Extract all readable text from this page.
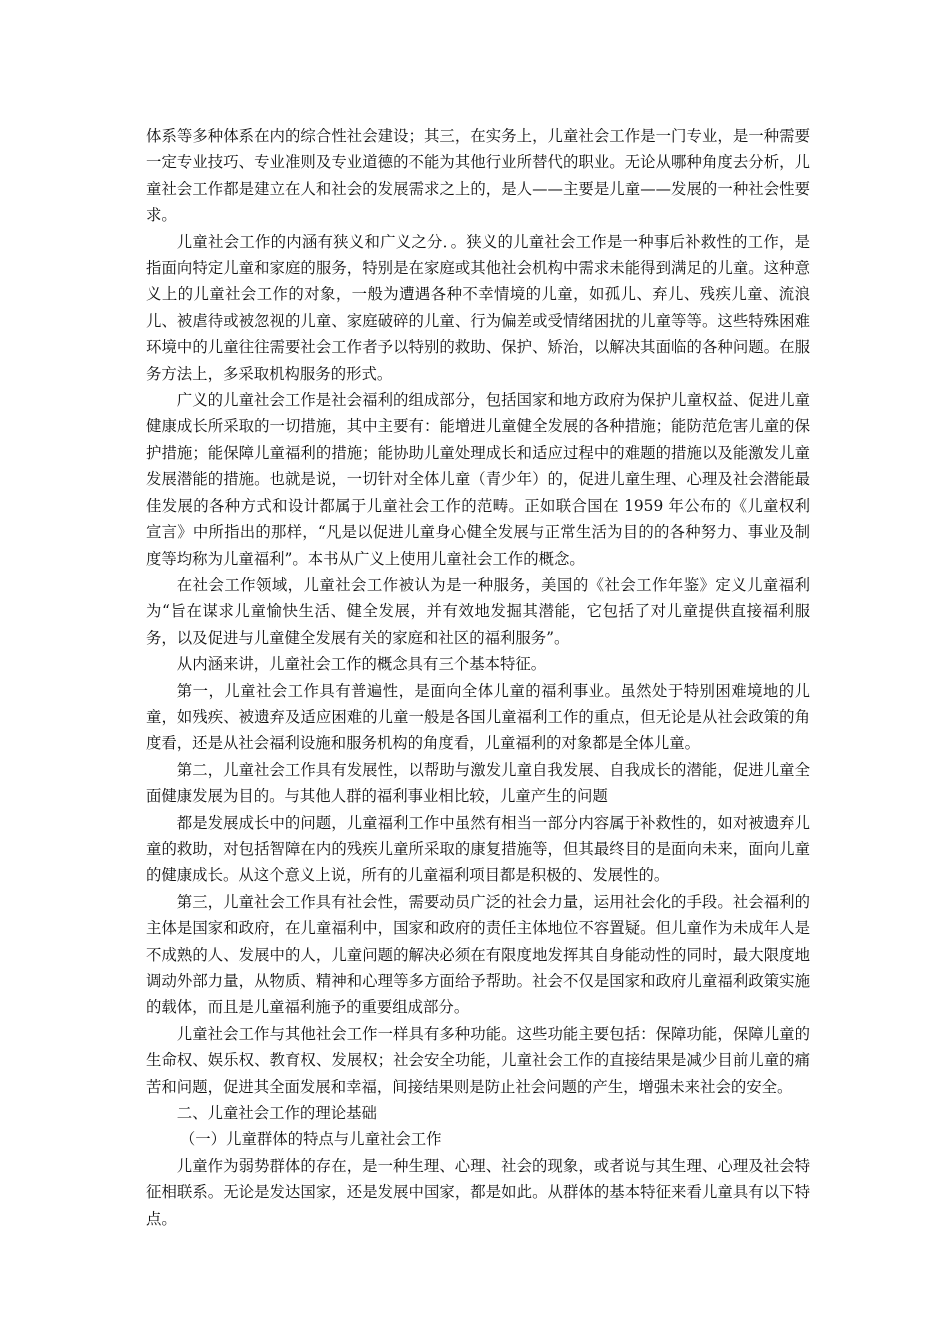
体系等多种体系在内的综合性社会建设；其三，在实务上，儿童社会工作是一门专业，是一种需要一定专业技巧、专业准则及专业道德的不能为其他行业所替代的职业。无论从哪种角度去分析，儿童社会工作都是建立在人和社会的发展需求之上的，是人——主要是儿童——发展的一种社会性要求。

儿童社会工作的内涵有狭义和广义之分．。狭义的儿童社会工作是一种事后补救性的工作，是指面向特定儿童和家庭的服务，特别是在家庭或其他社会机构中需求未能得到满足的儿童。这种意义上的儿童社会工作的对象，一般为遭遇各种不幸情境的儿童，如孤儿、弃儿、残疾儿童、流浪儿、被虐待或被忽视的儿童、家庭破碎的儿童、行为偏差或受情绪困扰的儿童等等。这些特殊困难环境中的儿童往往需要社会工作者予以特别的救助、保护、矫治，以解决其面临的各种问题。在服务方法上，多采取机构服务的形式。

广义的儿童社会工作是社会福利的组成部分，包括国家和地方政府为保护儿童权益、促进儿童健康成长所采取的一切措施，其中主要有：能增进儿童健全发展的各种措施；能防范危害儿童的保护措施；能保障儿童福利的措施；能协助儿童处理成长和适应过程中的难题的措施以及能激发儿童发展潜能的措施。也就是说，一切针对全体儿童（青少年）的，促进儿童生理、心理及社会潜能最佳发展的各种方式和设计都属于儿童社会工作的范畴。正如联合国在 1959 年公布的《儿童权利宣言》中所指出的那样，“凡是以促进儿童身心健全发展与正常生活为目的的各种努力、事业及制度等均称为儿童福利”。本书从广义上使用儿童社会工作的概念。

在社会工作领域，儿童社会工作被认为是一种服务，美国的《社会工作年鉴》定义儿童福利为“旨在谋求儿童愉快生活、健全发展，并有效地发掘其潜能，它包括了对儿童提供直接福利服务，以及促进与儿童健全发展有关的家庭和社区的福利服务”。

从内涵来讲，儿童社会工作的概念具有三个基本特征。

第一，儿童社会工作具有普遍性，是面向全体儿童的福利事业。虽然处于特别困难境地的儿童，如残疾、被遗弃及适应困难的儿童一般是各国儿童福利工作的重点，但无论是从社会政策的角度看，还是从社会福利设施和服务机构的角度看，儿童福利的对象都是全体儿童。

第二，儿童社会工作具有发展性，以帮助与激发儿童自我发展、自我成长的潜能，促进儿童全面健康发展为目的。与其他人群的福利事业相比较，儿童产生的问题

都是发展成长中的问题，儿童福利工作中虽然有相当一部分内容属于补救性的，如对被遗弃儿童的救助，对包括智障在内的残疾儿童所采取的康复措施等，但其最终目的是面向未来，面向儿童的健康成长。从这个意义上说，所有的儿童福利项目都是积极的、发展性的。

第三，儿童社会工作具有社会性，需要动员广泛的社会力量，运用社会化的手段。社会福利的主体是国家和政府，在儿童福利中，国家和政府的责任主体地位不容置疑。但儿童作为未成年人是不成熟的人、发展中的人，儿童问题的解决必须在有限度地发挥其自身能动性的同时，最大限度地调动外部力量，从物质、精神和心理等多方面给予帮助。社会不仅是国家和政府儿童福利政策实施的载体，而且是儿童福利施予的重要组成部分。

儿童社会工作与其他社会工作一样具有多种功能。这些功能主要包括：保障功能，保障儿童的生命权、娱乐权、教育权、发展权；社会安全功能，儿童社会工作的直接结果是减少目前儿童的痛苦和问题，促进其全面发展和幸福，间接结果则是防止社会问题的产生，增强未来社会的安全。

二、儿童社会工作的理论基础

（一）儿童群体的特点与儿童社会工作

儿童作为弱势群体的存在，是一种生理、心理、社会的现象，或者说与其生理、心理及社会特征相联系。无论是发达国家，还是发展中国家，都是如此。从群体的基本特征来看儿童具有以下特点。
